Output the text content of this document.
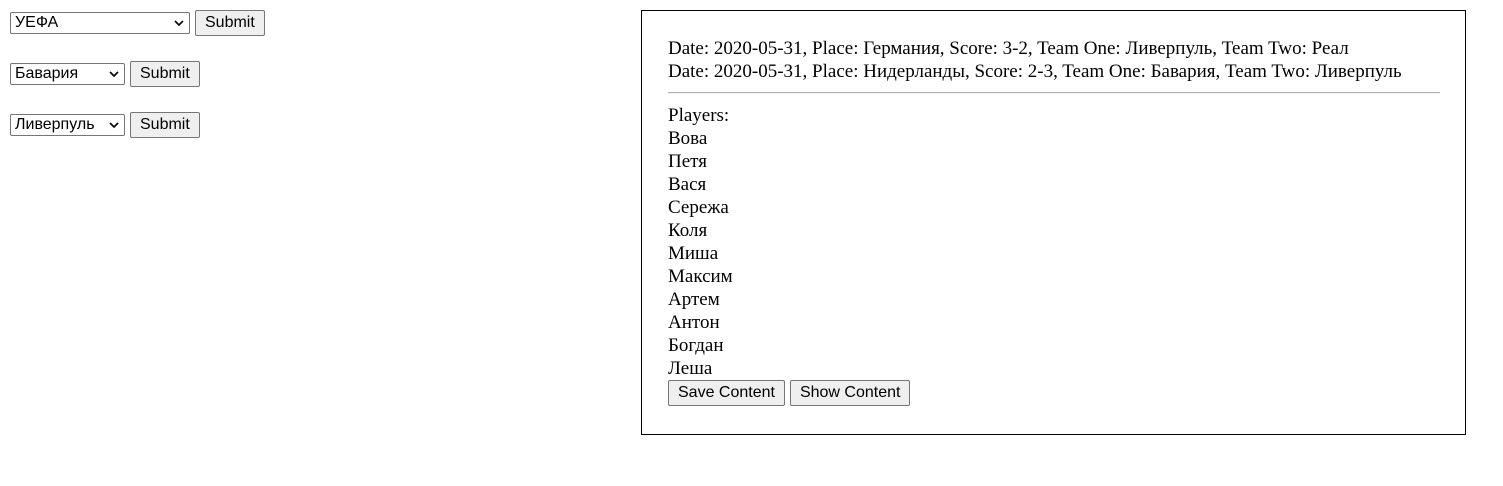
УЕФА	Submit
Бавария	Submit
Ливерпуль	Submit
Date: 2020-05-31, Place: Германия, Score: 3-2, Team One: Ливерпуль, Team Two: Реал
Date: 2020-05-31, Place: Нидерланды, Score: 2-3, Team One: Бавария, Team Two: Ливерпуль
Players:
Вова
Петя
Вася
Сережа
Коля
Миша
Максим
Артем
Антон
Богдан
Леша
Save Content	Show Content
